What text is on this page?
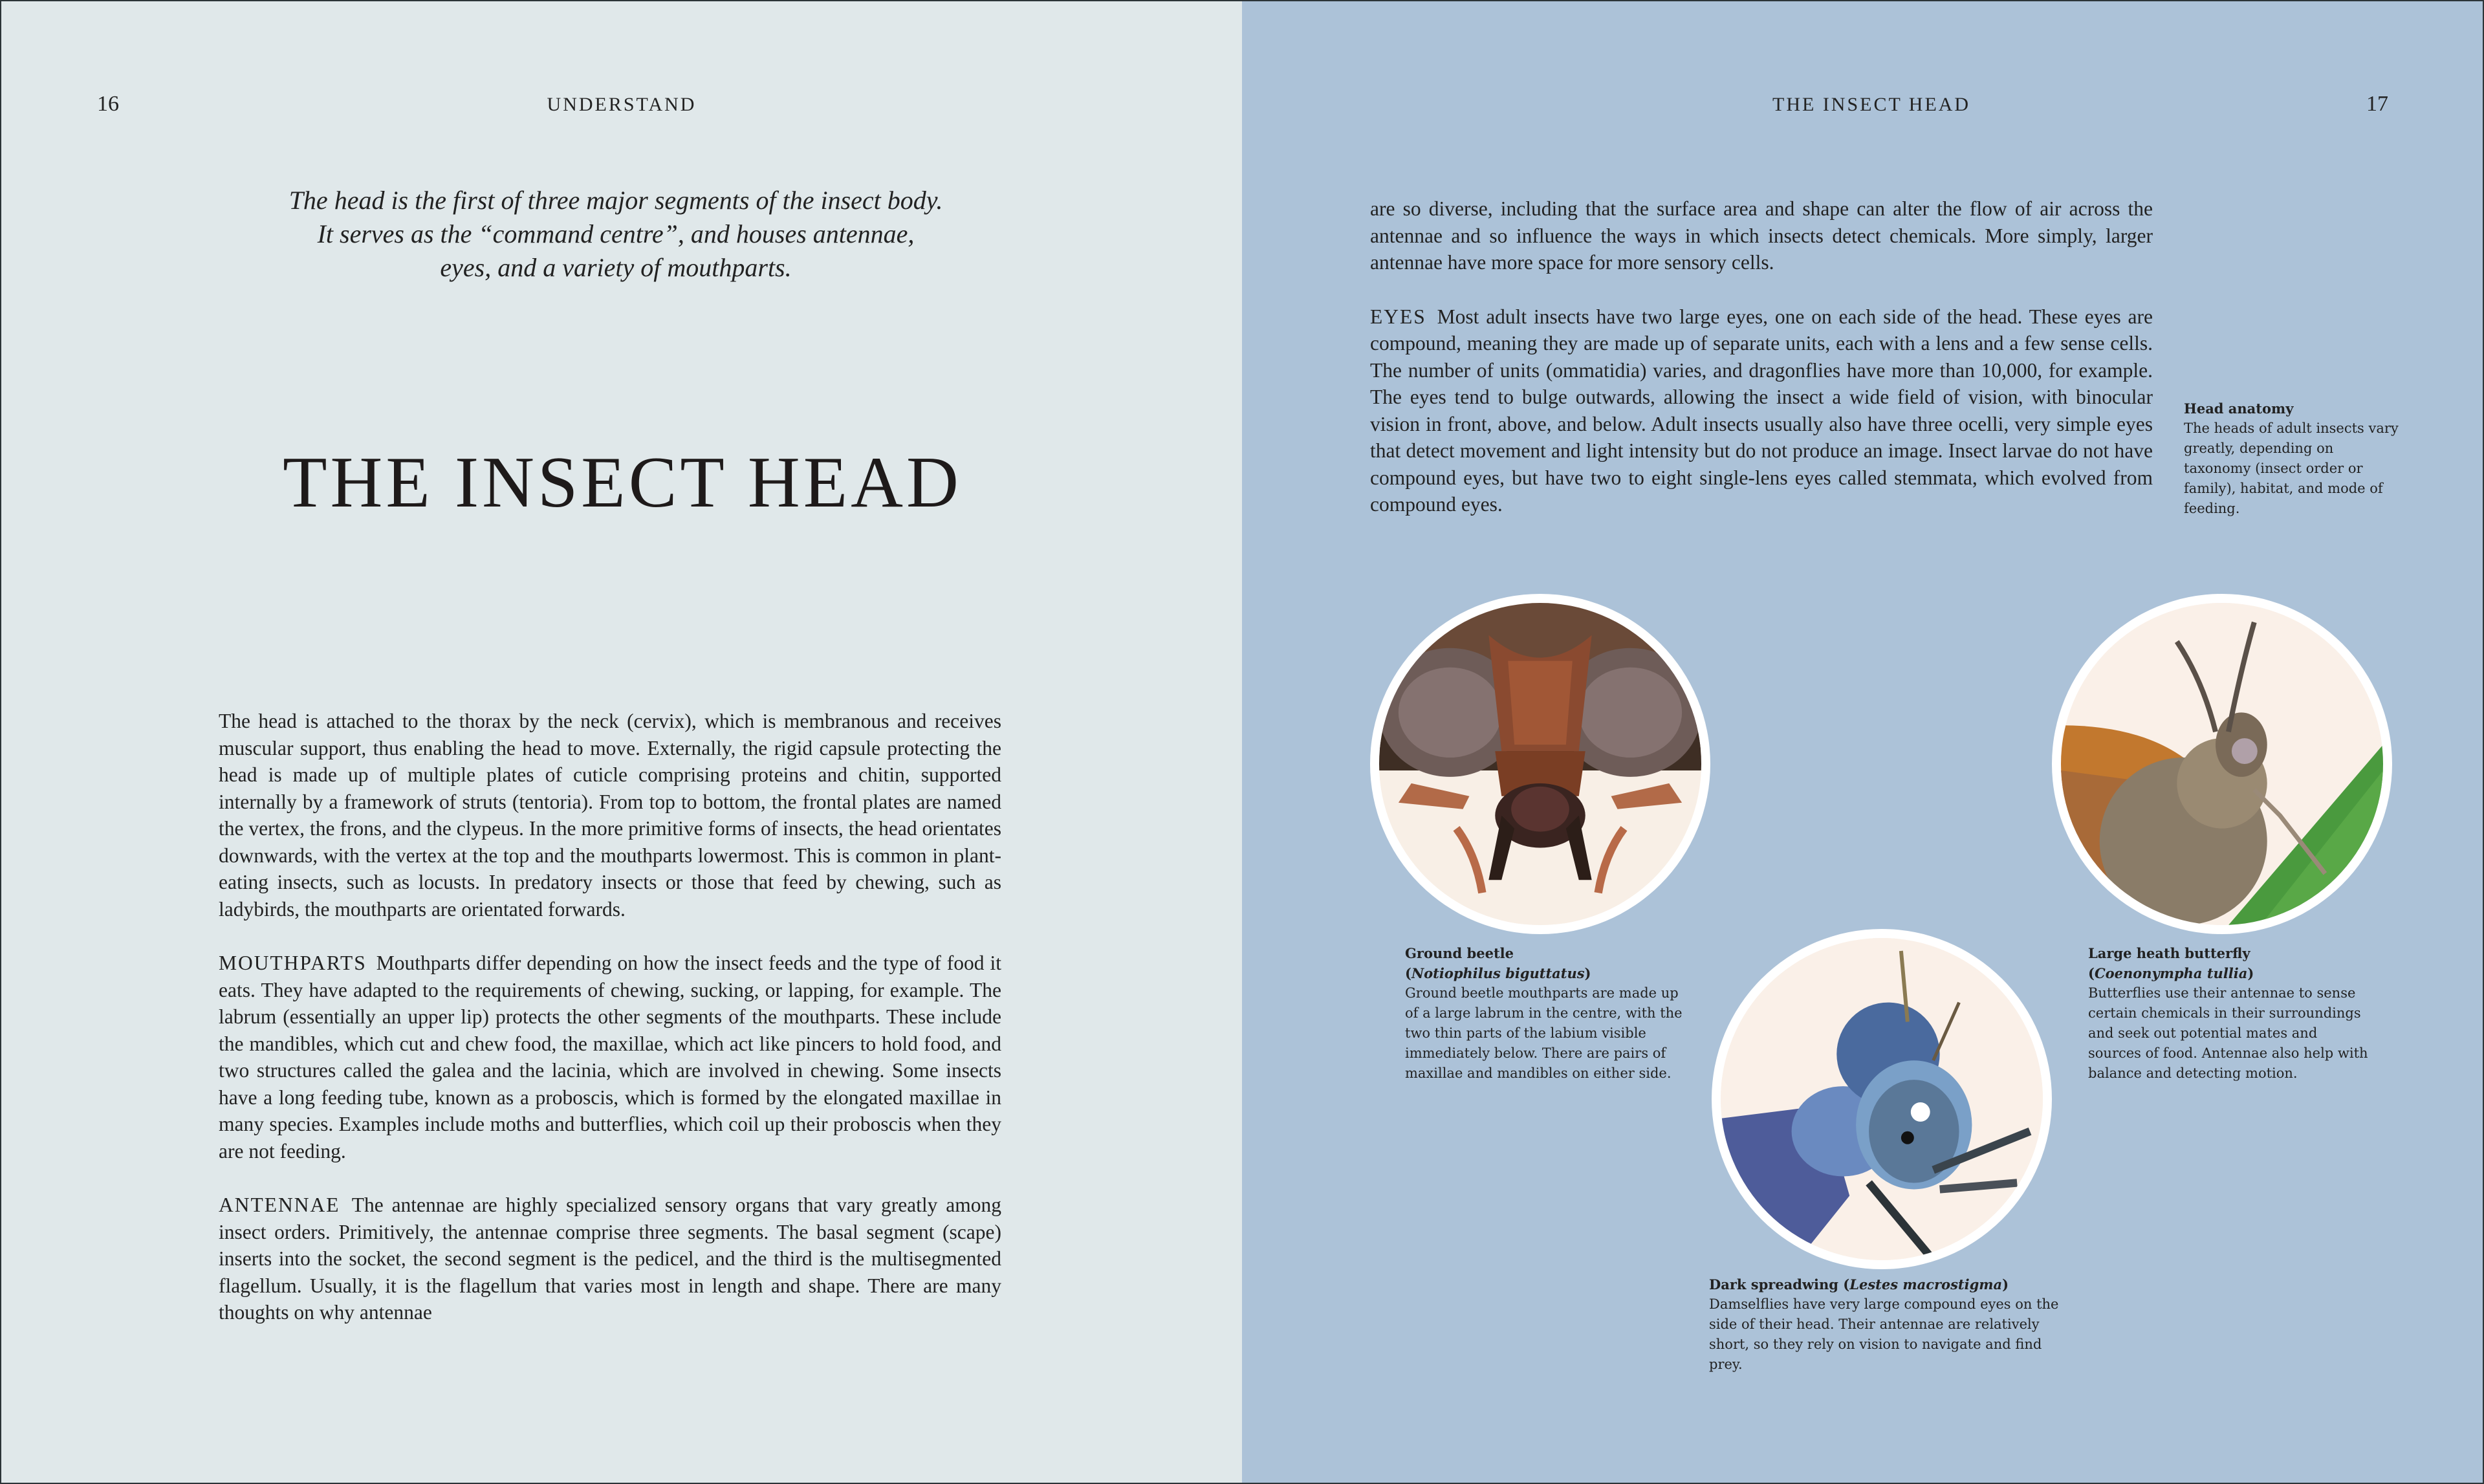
16	UNDERSTAND
The head is the first of three major segments of the insect body.
It serves as the “command centre”, and houses antennae,
eyes, and a variety of mouthparts.
THE INSECT HEAD

The head is attached to the thorax by the neck (cervix), which is membranous and receives muscular support, thus enabling the head to move. Externally, the rigid capsule protecting the head is made up of multiple plates of cuticle comprising proteins and chitin, supported internally by a framework of struts (tentoria). From top to bottom, the frontal plates are named the vertex, the frons, and the clypeus. In the more primitive forms of insects, the head orientates downwards, with the vertex at the top and the mouthparts lowermost. This is common in plant-eating insects, such as locusts. In predatory insects or those that feed by chewing, such as ladybirds, the mouthparts are orientated forwards.

MOUTHPARTS Mouthparts differ depending on how the insect feeds and the type of food it eats. They have adapted to the requirements of chewing, sucking, or lapping, for example. The labrum (essentially an upper lip) protects the other segments of the mouthparts. These include the mandibles, which cut and chew food, the maxillae, which act like pincers to hold food, and two structures called the galea and the lacinia, which are involved in chewing. Some insects have a long feeding tube, known as a proboscis, which is formed by the elongated maxillae in many species. Examples include moths and butterflies, which coil up their proboscis when they are not feeding.

ANTENNAE The antennae are highly specialized sensory organs that vary greatly among insect orders. Primitively, the antennae comprise three segments. The basal segment (scape) inserts into the socket, the second segment is the pedicel, and the third is the multisegmented flagellum. Usually, it is the flagellum that varies most in length and shape. There are many thoughts on why antennae

THE INSECT HEAD	17

are so diverse, including that the surface area and shape can alter the flow of air across the antennae and so influence the ways in which insects detect chemicals. More simply, larger antennae have more space for more sensory cells.

EYES Most adult insects have two large eyes, one on each side of the head. These eyes are compound, meaning they are made up of separate units, each with a lens and a few sense cells. The number of units (ommatidia) varies, and dragonflies have more than 10,000, for example. The eyes tend to bulge outwards, allowing the insect a wide field of vision, with binocular vision in front, above, and below. Adult insects usually also have three ocelli, very simple eyes that detect movement and light intensity but do not produce an image. Insect larvae do not have compound eyes, but have two to eight single-lens eyes called stemmata, which evolved from compound eyes.

Head anatomy
The heads of adult insects vary greatly, depending on taxonomy (insect order or family), habitat, and mode of feeding.
Ground beetle
(Notiophilus biguttatus)
Ground beetle mouthparts are made up of a large labrum in the centre, with the two thin parts of the labium visible immediately below. There are pairs of maxillae and mandibles on either side.
Large heath butterfly
(Coenonympha tullia)
Butterflies use their antennae to sense certain chemicals in their surroundings and seek out potential mates and sources of food. Antennae also help with balance and detecting motion.
Dark spreadwing (Lestes macrostigma)
Damselflies have very large compound eyes on the side of their head. Their antennae are relatively short, so they rely on vision to navigate and find prey.
